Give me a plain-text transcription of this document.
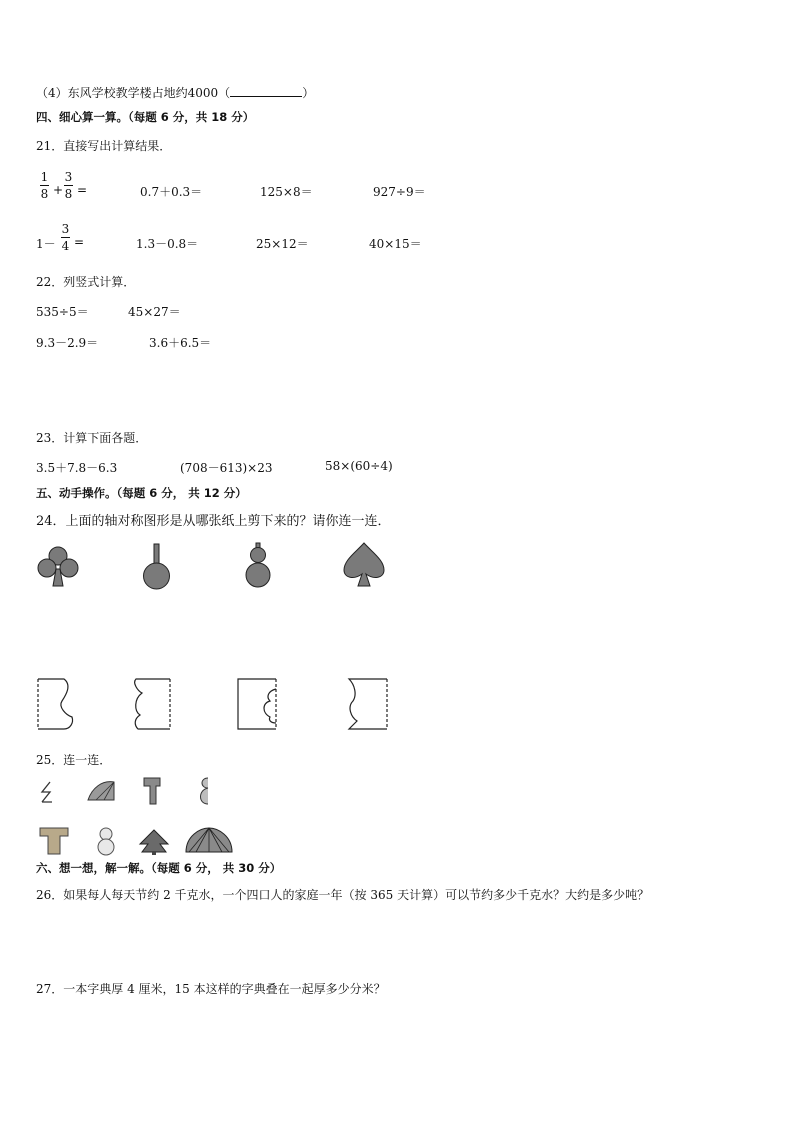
（4）东风学校教学楼占地约4000（	）
四、细心算一算。（每题 6 分，共 18 分）
21．直接写出计算结果．
1
8 +
3
8 =	0.7＋0.3＝	125×8＝	927÷9＝
1－
3
4 =	1.3－0.8＝	25×12＝	40×15＝
22．列竖式计算．
535÷5＝	45×27＝
9.3－2.9＝	3.6＋6.5＝
23．计算下面各题．
3.5＋7.8－6.3	(708－613)×23	58×(60÷4)
五、动手操作。（每题 6 分， 共 12 分）
24．上面的轴对称图形是从哪张纸上剪下来的？请你连一连．
25．连一连．
六、想一想，解一解。（每题 6 分， 共 30 分）
26．如果每人每天节约 2 千克水，一个四口人的家庭一年（按 365 天计算）可以节约多少千克水？大约是多少吨？
27．一本字典厚 4 厘米，15 本这样的字典叠在一起厚多少分米？
